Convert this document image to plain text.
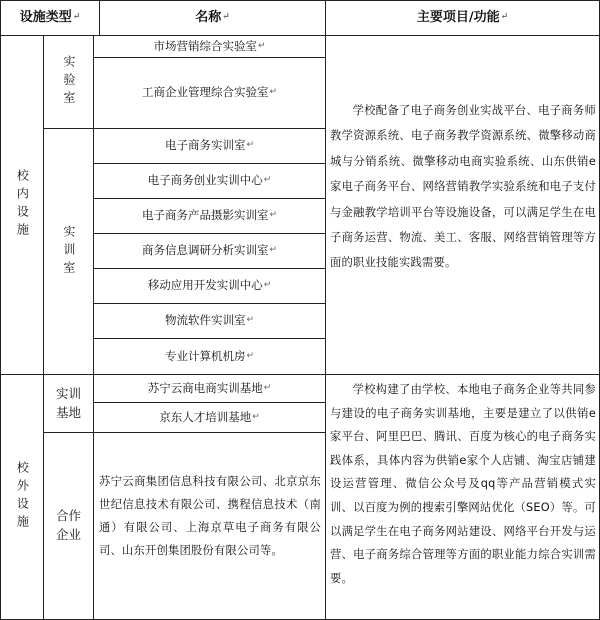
设施类型 ↵	名称 ↵	主要项目/功能 ↵
校内设施
实验室
市场营销综合实验室 ↵
工商企业管理综合实验室 ↵
实训室
电子商务实训室 ↵
电子商务创业实训中心 ↵
电子商务产品摄影实训室 ↵
商务信息调研分析实训室 ↵
移动应用开发实训中心 ↵
物流软件实训室 ↵
专业计算机机房 ↵
学校配备了电子商务创业实战平台、电子商务师教学资源系统、电子商务教学资源系统、微擎移动商城与分销系统、微擎移动电商实验系统、山东供销e家电子商务平台、网络营销教学实验系统和电子支付与金融教学培训平台等设施设备，可以满足学生在电子商务运营、物流、美工、客服、网络营销管理等方面的职业技能实践需要。
校外设施
实训基地
苏宁云商电商实训基地 ↵
京东人才培训基地 ↵
合作企业
苏宁云商集团信息科技有限公司、北京京东世纪信息技术有限公司、携程信息技术（南通）有限公司、上海京草电子商务有限公司、山东开创集团股份有限公司等。
学校构建了由学校、本地电子商务企业等共同参与建设的电子商务实训基地，主要是建立了以供销e家平台、阿里巴巴、腾讯、百度为核心的电子商务实践体系，具体内容为供销e家个人店铺、淘宝店铺建设运营管理、微信公众号及qq等产品营销模式实训、以百度为例的搜索引擎网站优化（SEO）等。可以满足学生在电子商务网站建设、网络平台开发与运营、电子商务综合管理等方面的职业能力综合实训需要。
